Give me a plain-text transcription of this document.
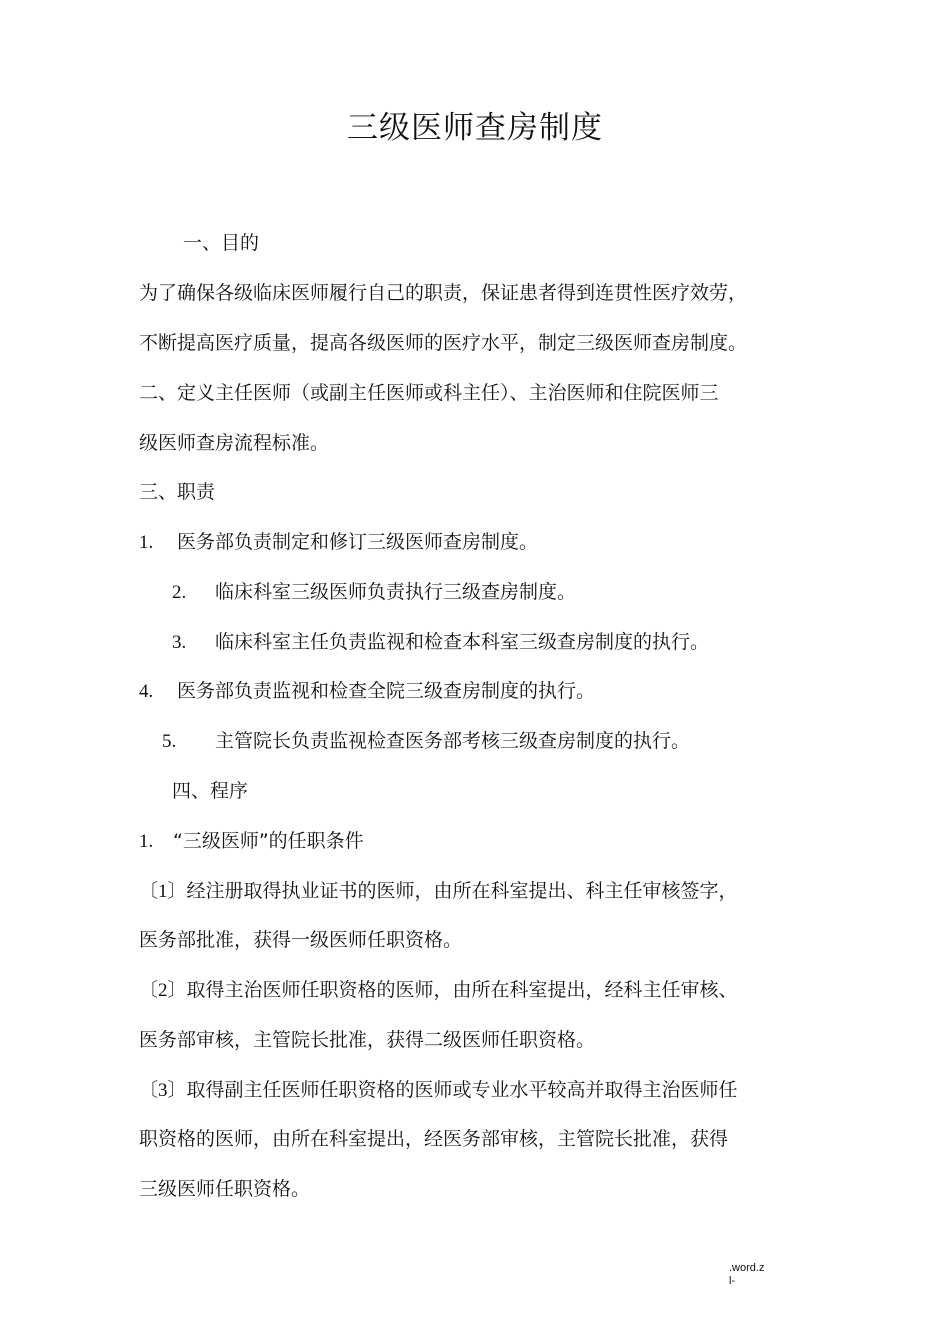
三级医师查房制度
一、目的
为了确保各级临床医师履行自己的职责，保证患者得到连贯性医疗效劳，
不断提高医疗质量，提高各级医师的医疗水平，制定三级医师查房制度。
二、定义主任医师（或副主任医师或科主任）、主治医师和住院医师三
级医师查房流程标准。
三、职责
1. 医务部负责制定和修订三级医师查房制度。
2. 临床科室三级医师负责执行三级查房制度。
3. 临床科室主任负责监视和检查本科室三级查房制度的执行。
4. 医务部负责监视和检查全院三级查房制度的执行。
5. 主管院长负责监视检查医务部考核三级查房制度的执行。
四、程序
1. “三级医师”的任职条件
〔1〕经注册取得执业证书的医师，由所在科室提出、科主任审核签字，
医务部批准，获得一级医师任职资格。
〔2〕取得主治医师任职资格的医师，由所在科室提出，经科主任审核、
医务部审核，主管院长批准，获得二级医师任职资格。
〔3〕取得副主任医师任职资格的医师或专业水平较高并取得主治医师任
职资格的医师，由所在科室提出，经医务部审核，主管院长批准，获得
三级医师任职资格。
.word.z
l-
